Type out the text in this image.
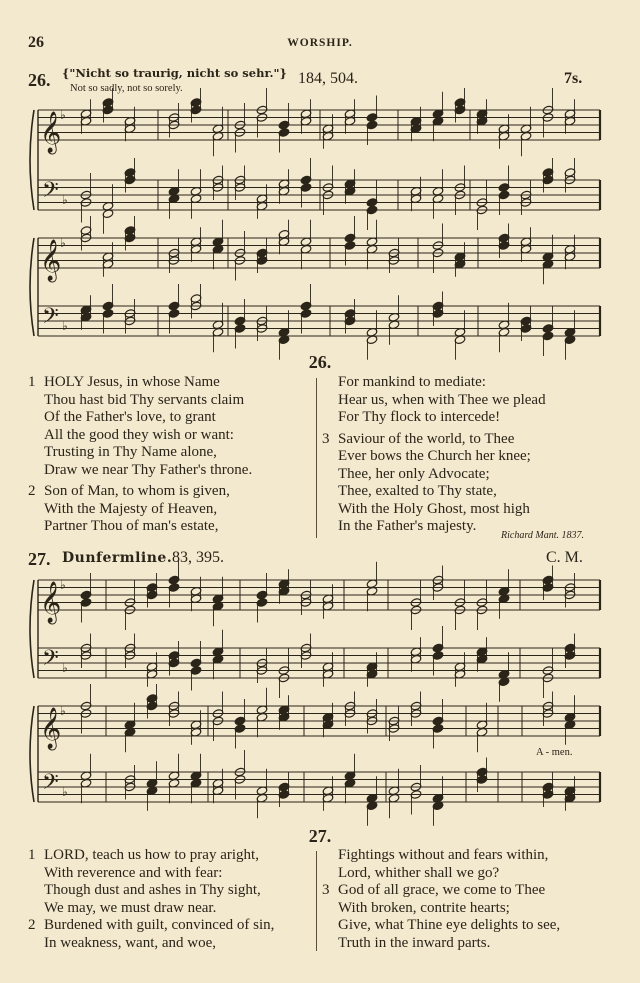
26	WORSHIP.
26. {"Nicht so traurig, nicht so sehr."}
Not so sadly, not so sorely.
184, 504.	7s.
𝄞
𝄢
♭
♭
𝄞
𝄢
♭
♭
𝄞
𝄢
♭
♭
𝄞
𝄢
♭
♭
26.
1 HOLY Jesus, in whose Name
Thou hast bid Thy servants claim
Of the Father's love, to grant
All the good they wish or want:
Trusting in Thy Name alone,
Draw we near Thy Father's throne.
2 Son of Man, to whom is given,
With the Majesty of Heaven,
Partner Thou of man's estate,
For mankind to mediate:
Hear us, when with Thee we plead
For Thy flock to intercede!
3 Saviour of the world, to Thee
Ever bows the Church her knee;
Thee, her only Advocate;
Thee, exalted to Thy state,
With the Holy Ghost, most high
In the Father's majesty.
Richard Mant. 1837.
27. Dunfermline. 83, 395.	C. M.
A - men.
27.
1 LORD, teach us how to pray aright,
With reverence and with fear:
Though dust and ashes in Thy sight,
We may, we must draw near.
2 Burdened with guilt, convinced of sin,
In weakness, want, and woe,
Fightings without and fears within,
Lord, whither shall we go?
3 God of all grace, we come to Thee
With broken, contrite hearts;
Give, what Thine eye delights to see,
Truth in the inward parts.
